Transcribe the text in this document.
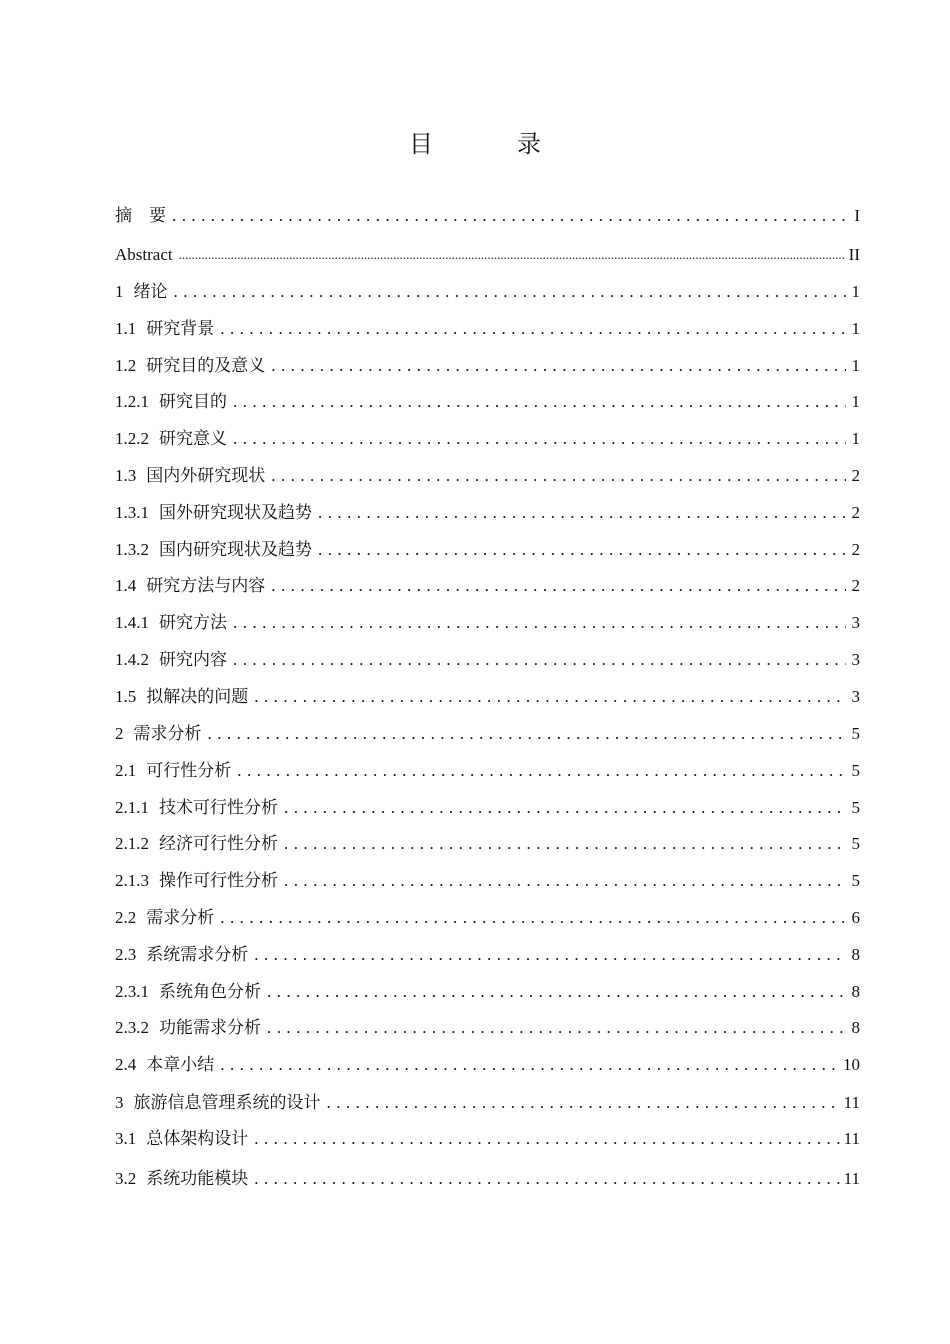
目　录
摘　要 . . .	I
Abstract .....	II
1 绪论 . . .	1
1.1 研究背景 . . .	1
1.2 研究目的及意义 . . .	1
1.2.1 研究目的 . . .	1
1.2.2 研究意义 . . .	1
1.3 国内外研究现状 . . .	2
1.3.1 国外研究现状及趋势 . . .	2
1.3.2 国内研究现状及趋势 . . .	2
1.4 研究方法与内容 . . .	2
1.4.1 研究方法 . . .	3
1.4.2 研究内容 . . .	3
1.5 拟解决的问题 . . .	3
2 需求分析 . . .	5
2.1 可行性分析 . . .	5
2.1.1 技术可行性分析 . . .	5
2.1.2 经济可行性分析 . . .	5
2.1.3 操作可行性分析 . . .	5
2.2 需求分析 . . .	6
2.3 系统需求分析 . . .	8
2.3.1 系统角色分析 . . .	8
2.3.2 功能需求分析 . . .	8
2.4 本章小结 . . .	10
3 旅游信息管理系统的设计 . . .	11
3.1 总体架构设计 . . .	11
3.2 系统功能模块 . . .	11
